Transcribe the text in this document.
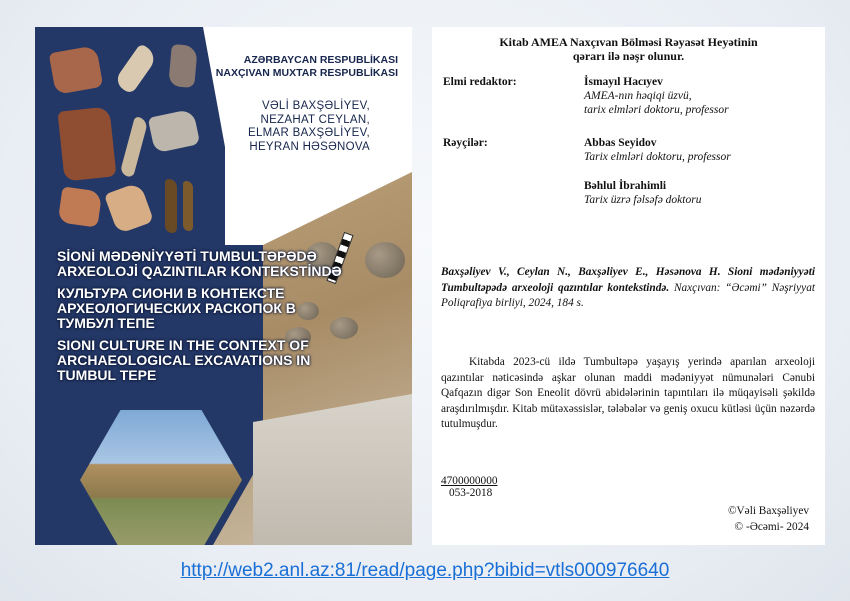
AZƏRBAYCAN RESPUBLİKASI
NAXÇIVAN MUXTAR RESPUBLİKASI
VƏLİ BAXŞƏLİYEV,
NEZAHAT CEYLAN,
ELMAR BAXŞƏLİYEV,
HEYRAN HƏSƏNOVA
SİONİ MƏDƏNİYYƏTİ TUMBULTƏPƏDƏ ARXEOLOJİ QAZINTILAR KONTEKSTİNDƏ
КУЛЬТУРА СИОНИ В КОНТЕКСТЕ АРХЕОЛОГИЧЕСКИХ РАСКОПОК В ТУМБУЛ ТЕПЕ
SIONI CULTURE IN THE CONTEXT OF ARCHAEOLOGICAL EXCAVATIONS IN TUMBUL TEPE
Kitab AMEA Naxçıvan Bölməsi Rəyasət Heyətinin
qərarı ilə nəşr olunur.
Elmi redaktor:	İsmayıl Hacıyev
AMEA-nın həqiqi üzvü,
tarix elmləri doktoru, professor
Rəyçilər:	Abbas Seyidov
Tarix elmləri doktoru, professor
Bəhlul İbrahimli
Tarix üzrə fəlsəfə doktoru
Baxşəliyev V., Ceylan N., Baxşəliyev E., Həsənova H. Sioni mədəniyyəti Tumbultəpədə arxeoloji qazıntılar kontekstində. Naxçıvan: “Əcəmi” Nəşriyyat Poliqrafiya birliyi, 2024, 184 s.
Kitabda 2023-cü ildə Tumbultəpə yaşayış yerində aparılan arxeoloji qazıntılar nəticəsində aşkar olunan maddi mədəniyyət nümunələri Cənubi Qafqazın digər Son Eneolit dövrü abidələrinin tapıntıları ilə müqayisəli şəkildə araşdırılmışdır. Kitab mütəxəssislər, tələbələr və geniş oxucu kütləsi üçün nəzərdə tutulmuşdur.
4700000000
053-2018
©Vəli Baxşəliyev
© -Əcəmi- 2024
http://web2.anl.az:81/read/page.php?bibid=vtls000976640
